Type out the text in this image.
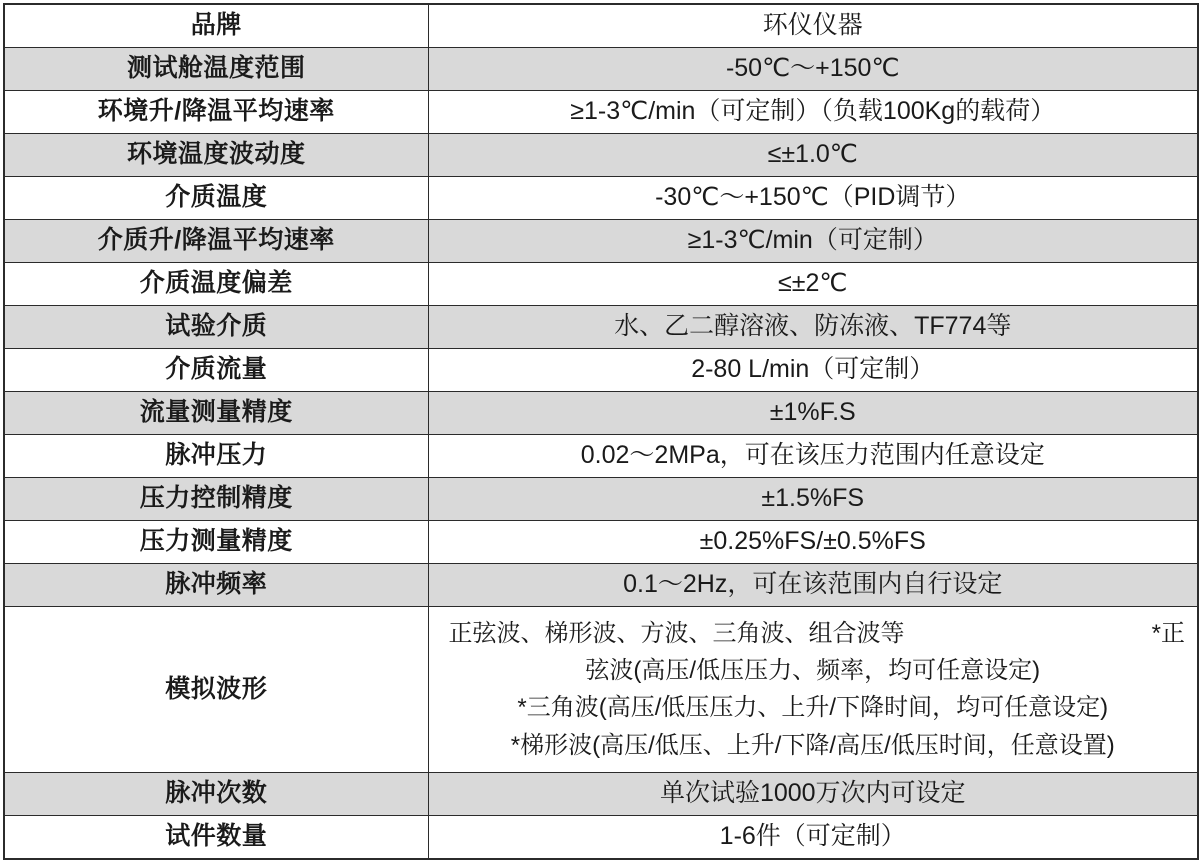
品牌	环仪仪器
测试舱温度范围	-50℃～+150℃
环境升/降温平均速率	≥1-3℃/min（可定制）（负载100Kg的载荷）
环境温度波动度	≤±1.0℃
介质温度	-30℃～+150℃（PID调节）
介质升/降温平均速率	≥1-3℃/min（可定制）
介质温度偏差	≤±2℃
试验介质	水、乙二醇溶液、防冻液、TF774等
介质流量	2-80 L/min（可定制）
流量测量精度	±1%F.S
脉冲压力	0.02～2MPa，可在该压力范围内任意设定
压力控制精度	±1.5%FS
压力测量精度	±0.25%FS/±0.5%FS
脉冲频率	0.1～2Hz，可在该范围内自行设定
模拟波形	正弦波、梯形波、方波、三角波、组合波等 *正
弦波(高压/低压压力、频率，均可任意设定)
*三角波(高压/低压压力、上升/下降时间，均可任意设定)
*梯形波(高压/低压、上升/下降/高压/低压时间，任意设置)

脉冲次数	单次试验1000万次内可设定
试件数量	1-6件（可定制）
